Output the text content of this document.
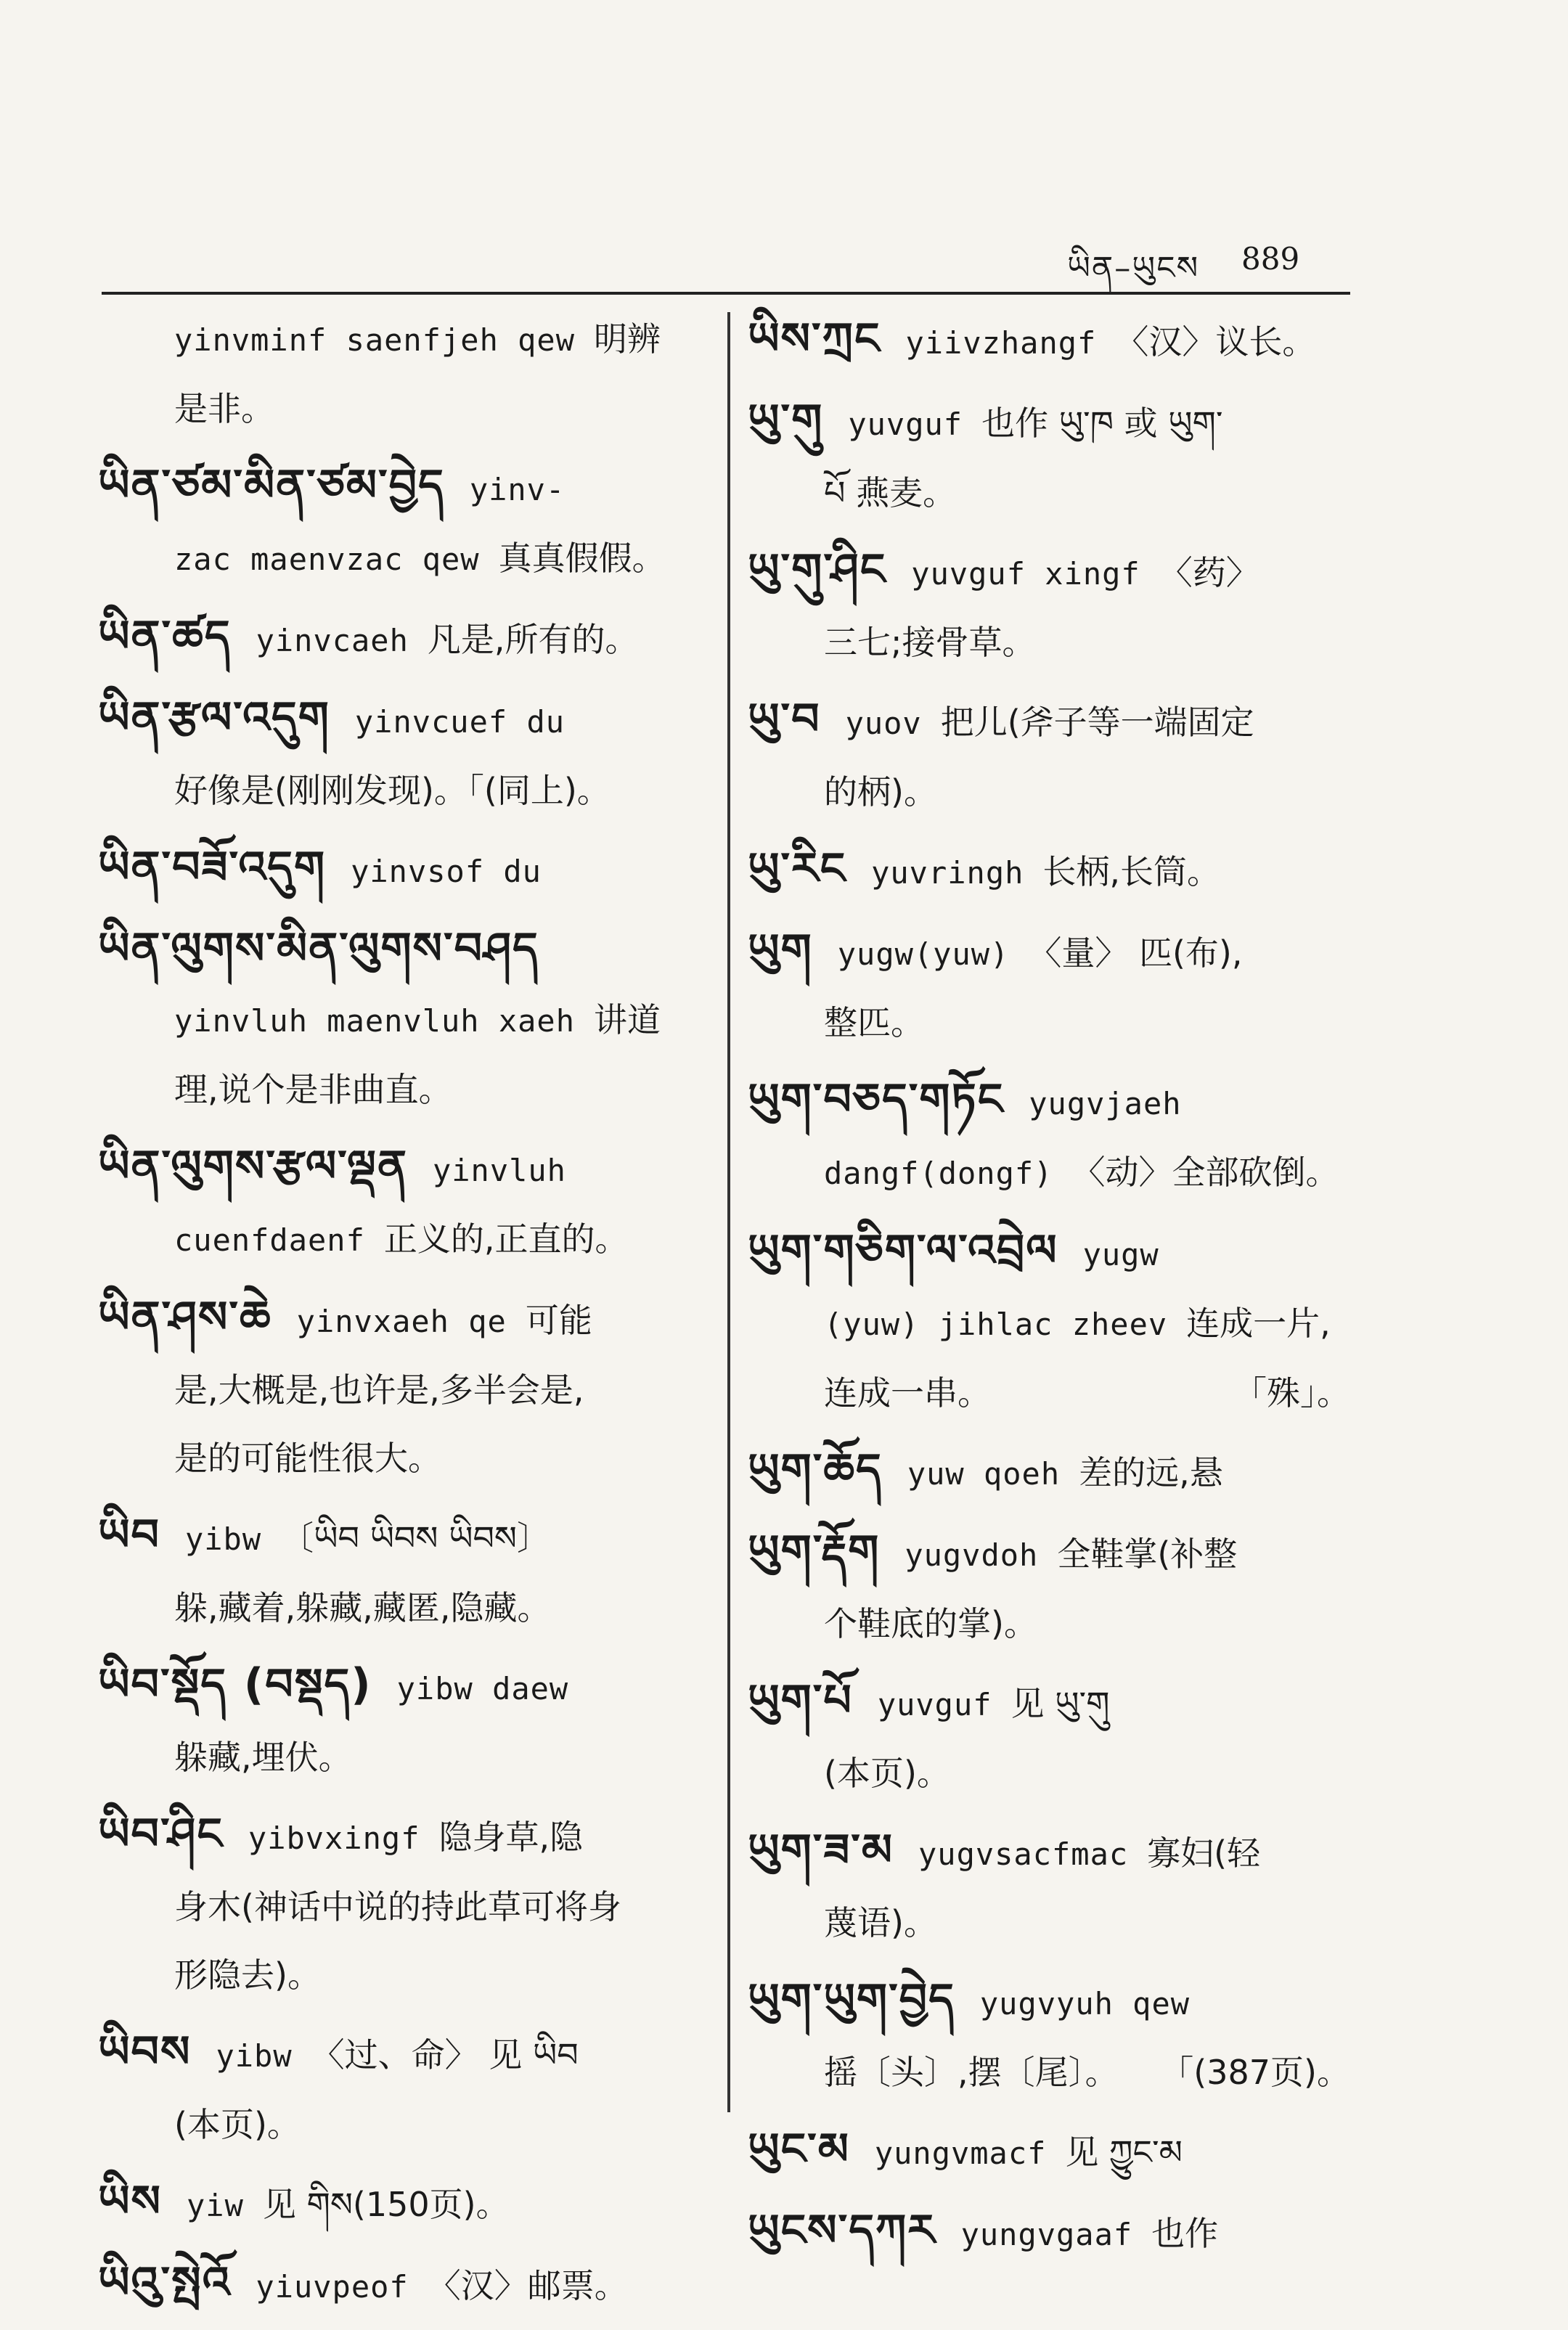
ཡིན–ཡུངས 889
yinvminf saenfjeh qew 明辨
是非。
ཡིན་ཙམ་མིན་ཙམ་བྱེད yinv-
zac maenvzac qew 真真假假。
ཡིན་ཚད yinvcaeh 凡是,所有的。
ཡིན་རྩལ་འདུག yinvcuef du
好像是(刚刚发现)。「(同上)。
ཡིན་བཟོ་འདུག yinvsof du
ཡིན་ལུགས་མིན་ལུགས་བཤད
yinvluh maenvluh xaeh 讲道
理,说个是非曲直。
ཡིན་ལུགས་རྩལ་ལྡན yinvluh
cuenfdaenf 正义的,正直的。
ཡིན་ཤས་ཆེ yinvxaeh qe 可能
是,大概是,也许是,多半会是,
是的可能性很大。
ཡིབ yibw 〔ཡིབ ཡིབས ཡིབས〕
躲,藏着,躲藏,藏匿,隐藏。
ཡིབ་སྡོད (བསྡད) yibw daew
躲藏,埋伏。
ཡིབ་ཤིང yibvxingf 隐身草,隐
身木(神话中说的持此草可将身
形隐去)。
ཡིབས yibw 〈过、命〉 见 ཡིབ
(本页)。
ཡིས yiw 见 གིས(150页)。
ཡིའུ་སྤེའོ yiuvpeof 〈汉〉邮票。
ཡིས་ཀྲང yiivzhangf 〈汉〉议长。
ཡུ་གུ yuvguf 也作 ཡུ་ཁ 或 ཡུག་
པོ 燕麦。
ཡུ་གུ་ཤིང yuvguf xingf 〈药〉
三七;接骨草。
ཡུ་བ yuov 把儿(斧子等一端固定
的柄)。
ཡུ་རིང yuvringh 长柄,长筒。
ཡུག yugw(yuw) 〈量〉 匹(布),
整匹。
ཡུག་བཅད་གཏོང yugvjaeh
dangf(dongf) 〈动〉全部砍倒。
ཡུག་གཅིག་ལ་འབྲེལ yugw
(yuw) jihlac zheev 连成一片,
连成一串。	「殊」。
ཡུག་ཆོད yuw qoeh 差的远,悬
ཡུག་རྡོག yugvdoh 全鞋掌(补整
个鞋底的掌)。
ཡུག་པོ yuvguf 见 ཡུ་གུ
(本页)。
ཡུག་ཟ་མ yugvsacfmac 寡妇(轻
蔑语)。
ཡུག་ཡུག་བྱེད yugvyuh qew
摇〔头〕,摆〔尾〕。 「(387页)。
ཡུང་མ yungvmacf 见 ཀྱུང་མ
ཡུངས་དཀར yungvgaaf 也作
